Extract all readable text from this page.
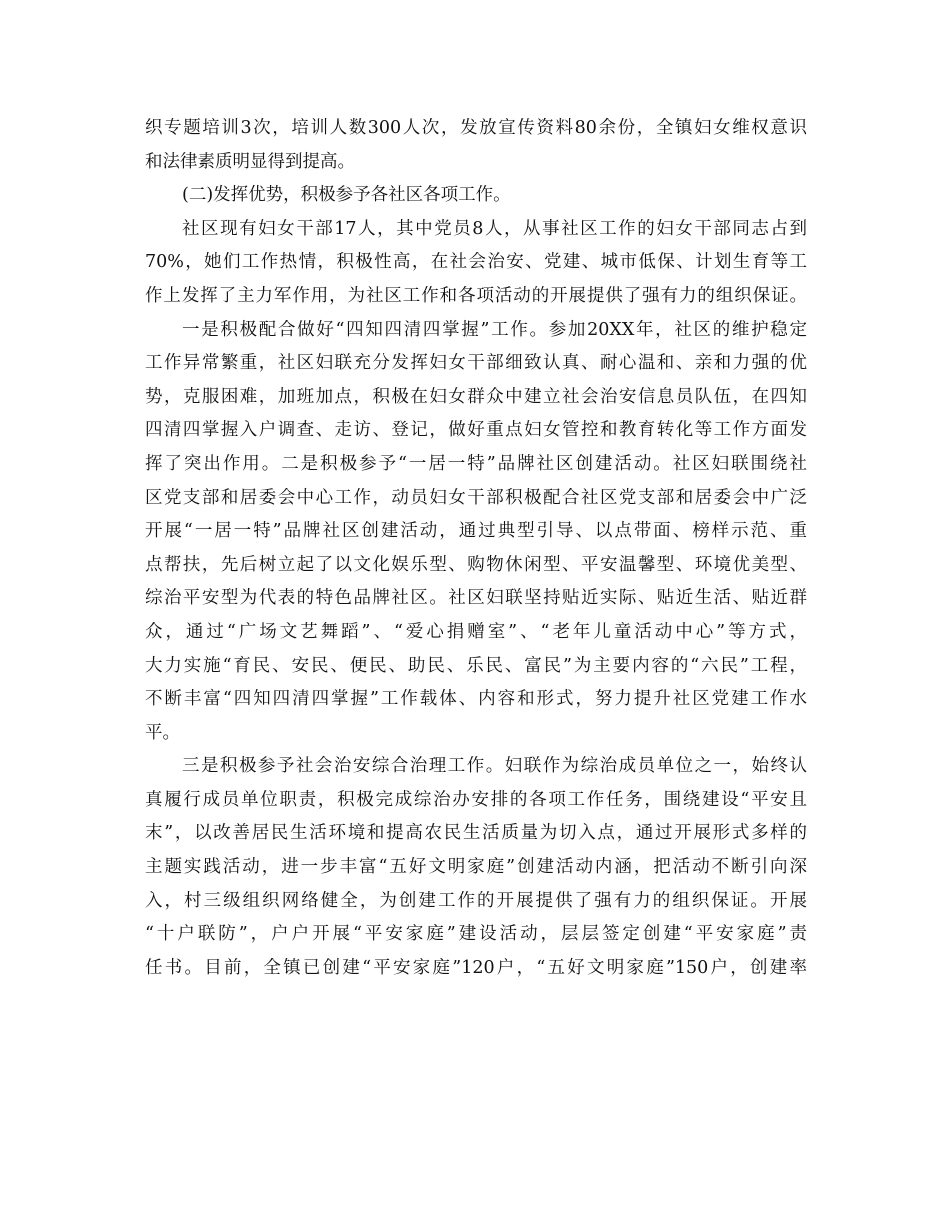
织专题培训3次，培训人数300人次，发放宣传资料80余份，全镇妇女维权意识
和法律素质明显得到提高。
(二)发挥优势，积极参予各社区各项工作。
社区现有妇女干部17人，其中党员8人，从事社区工作的妇女干部同志占到
70%，她们工作热情，积极性高，在社会治安、党建、城市低保、计划生育等工
作上发挥了主力军作用，为社区工作和各项活动的开展提供了强有力的组织保证。
一是积极配合做好“四知四清四掌握”工作。参加20XX年，社区的维护稳定
工作异常繁重，社区妇联充分发挥妇女干部细致认真、耐心温和、亲和力强的优
势，克服困难，加班加点，积极在妇女群众中建立社会治安信息员队伍，在四知
四清四掌握入户调查、走访、登记，做好重点妇女管控和教育转化等工作方面发
挥了突出作用。二是积极参予“一居一特”品牌社区创建活动。社区妇联围绕社
区党支部和居委会中心工作，动员妇女干部积极配合社区党支部和居委会中广泛
开展“一居一特”品牌社区创建活动，通过典型引导、以点带面、榜样示范、重
点帮扶，先后树立起了以文化娱乐型、购物休闲型、平安温馨型、环境优美型、
综治平安型为代表的特色品牌社区。社区妇联坚持贴近实际、贴近生活、贴近群
众，通过“广场文艺舞蹈”、“爱心捐赠室”、“老年儿童活动中心”等方式，
大力实施“育民、安民、便民、助民、乐民、富民”为主要内容的“六民”工程，
不断丰富“四知四清四掌握”工作载体、内容和形式，努力提升社区党建工作水
平。
三是积极参予社会治安综合治理工作。妇联作为综治成员单位之一，始终认
真履行成员单位职责，积极完成综治办安排的各项工作任务，围绕建设“平安且
末”，以改善居民生活环境和提高农民生活质量为切入点，通过开展形式多样的
主题实践活动，进一步丰富“五好文明家庭”创建活动内涵，把活动不断引向深
入，村三级组织网络健全，为创建工作的开展提供了强有力的组织保证。开展
“十户联防”，户户开展“平安家庭”建设活动，层层签定创建“平安家庭”责
任书。目前，全镇已创建“平安家庭”120户，“五好文明家庭”150户，创建率
